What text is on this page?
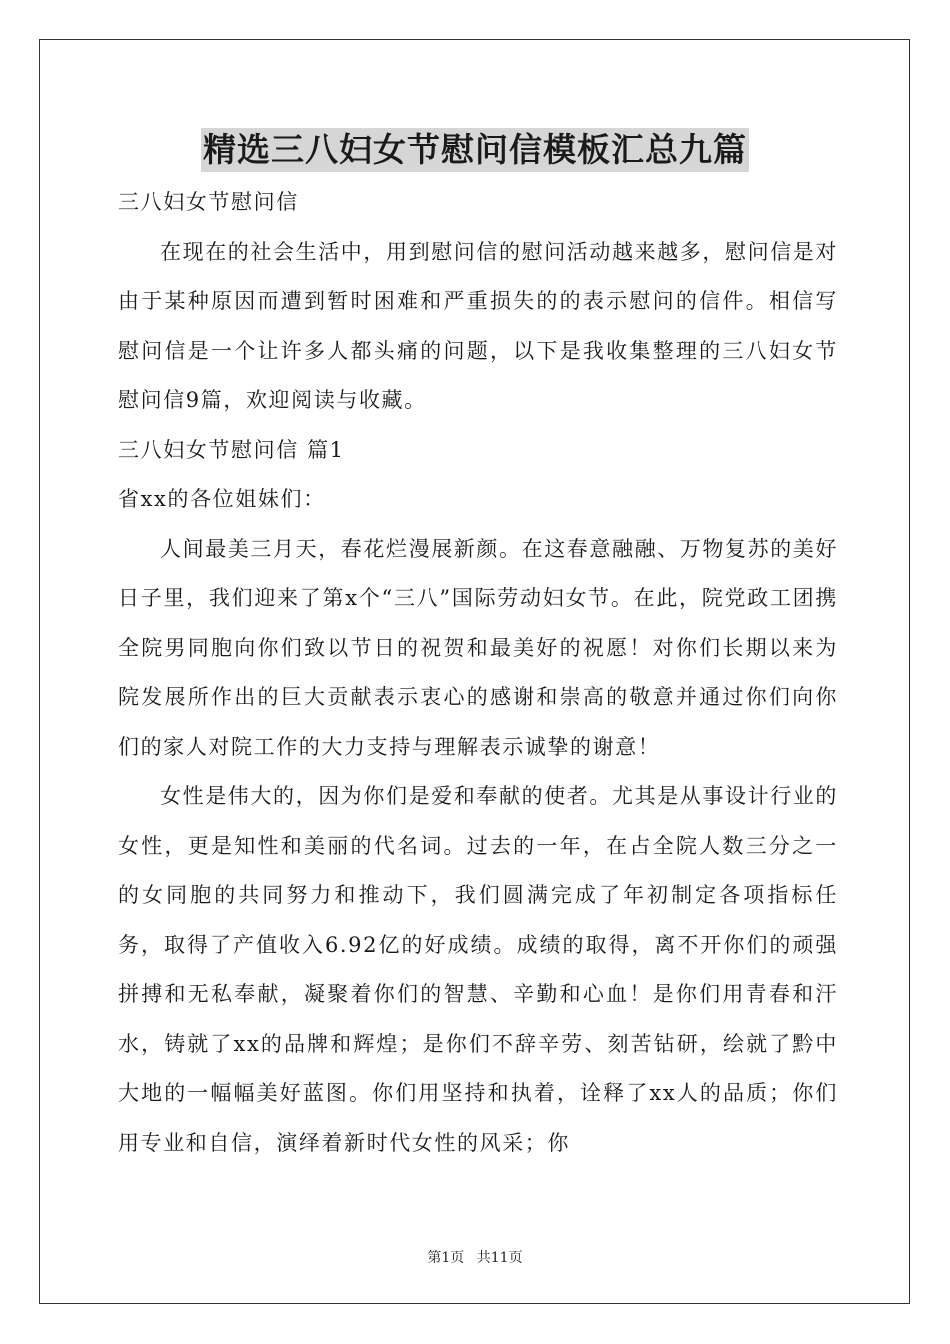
精选三八妇女节慰问信模板汇总九篇

三八妇女节慰问信

在现在的社会生活中，用到慰问信的慰问活动越来越多，慰问信是对由于某种原因而遭到暂时困难和严重损失的的表示慰问的信件。相信写慰问信是一个让许多人都头痛的问题，以下是我收集整理的三八妇女节慰问信9篇，欢迎阅读与收藏。

三八妇女节慰问信 篇1

省xx的各位姐妹们：

人间最美三月天，春花烂漫展新颜。在这春意融融、万物复苏的美好日子里，我们迎来了第x个“三八”国际劳动妇女节。在此，院党政工团携全院男同胞向你们致以节日的祝贺和最美好的祝愿！对你们长期以来为院发展所作出的巨大贡献表示衷心的感谢和崇高的敬意并通过你们向你们的家人对院工作的大力支持与理解表示诚挚的谢意！

女性是伟大的，因为你们是爱和奉献的使者。尤其是从事设计行业的女性，更是知性和美丽的代名词。过去的一年，在占全院人数三分之一的女同胞的共同努力和推动下，我们圆满完成了年初制定各项指标任务，取得了产值收入6.92亿的好成绩。成绩的取得，离不开你们的顽强拼搏和无私奉献，凝聚着你们的智慧、辛勤和心血！是你们用青春和汗水，铸就了xx的品牌和辉煌；是你们不辞辛劳、刻苦钻研，绘就了黔中大地的一幅幅美好蓝图。你们用坚持和执着，诠释了xx人的品质；你们用专业和自信，演绎着新时代女性的风采；你

第1页 共11页
